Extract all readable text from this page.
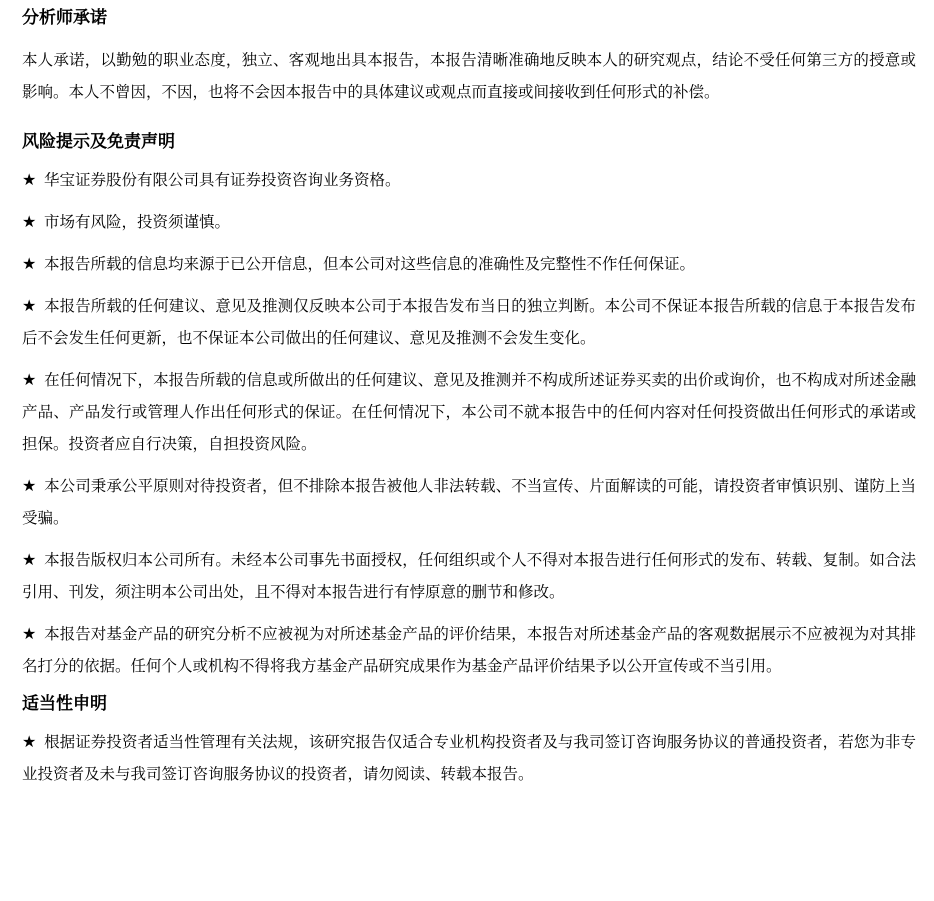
分析师承诺

本人承诺，以勤勉的职业态度，独立、客观地出具本报告，本报告清晰准确地反映本人的研究观点，结论不受任何第三方的授意或影响。本人不曾因，不因，也将不会因本报告中的具体建议或观点而直接或间接收到任何形式的补偿。

风险提示及免责声明

★ 华宝证券股份有限公司具有证券投资咨询业务资格。

★ 市场有风险，投资须谨慎。

★ 本报告所载的信息均来源于已公开信息，但本公司对这些信息的准确性及完整性不作任何保证。

★ 本报告所载的任何建议、意见及推测仅反映本公司于本报告发布当日的独立判断。本公司不保证本报告所载的信息于本报告发布后不会发生任何更新，也不保证本公司做出的任何建议、意见及推测不会发生变化。

★ 在任何情况下，本报告所载的信息或所做出的任何建议、意见及推测并不构成所述证券买卖的出价或询价，也不构成对所述金融产品、产品发行或管理人作出任何形式的保证。在任何情况下，本公司不就本报告中的任何内容对任何投资做出任何形式的承诺或担保。投资者应自行决策，自担投资风险。

★ 本公司秉承公平原则对待投资者，但不排除本报告被他人非法转载、不当宣传、片面解读的可能，请投资者审慎识别、谨防上当受骗。

★ 本报告版权归本公司所有。未经本公司事先书面授权，任何组织或个人不得对本报告进行任何形式的发布、转载、复制。如合法引用、刊发，须注明本公司出处，且不得对本报告进行有悖原意的删节和修改。

★ 本报告对基金产品的研究分析不应被视为对所述基金产品的评价结果，本报告对所述基金产品的客观数据展示不应被视为对其排名打分的依据。任何个人或机构不得将我方基金产品研究成果作为基金产品评价结果予以公开宣传或不当引用。

适当性申明

★ 根据证券投资者适当性管理有关法规，该研究报告仅适合专业机构投资者及与我司签订咨询服务协议的普通投资者，若您为非专业投资者及未与我司签订咨询服务协议的投资者，请勿阅读、转载本报告。
